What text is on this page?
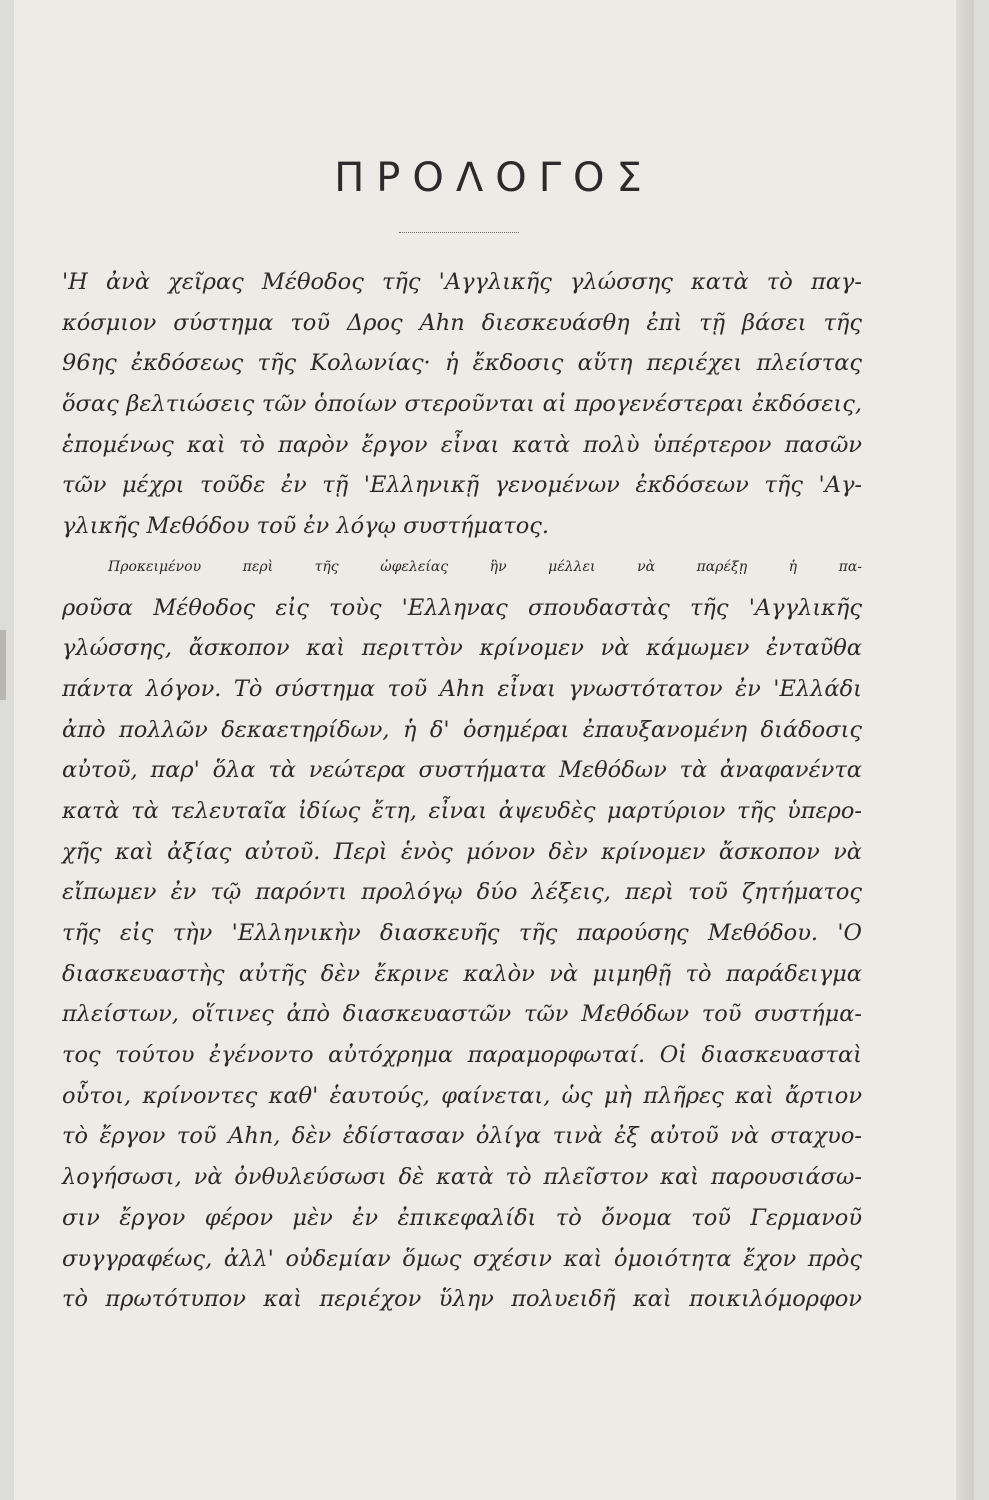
ΠΡΟΛΟΓΟΣ
'Η ἀνὰ χεῖρας Μέθοδος τῆς 'Αγγλικῆς γλώσσης κατὰ τὸ παγ-
κόσμιον σύστημα τοῦ Δρος Ahn διεσκευάσθη ἐπὶ τῇ βάσει τῆς
96ης ἐκδόσεως τῆς Κολωνίας· ἡ ἔκδοσις αὕτη περιέχει πλείστας
ὅσας βελτιώσεις τῶν ὁποίων στεροῦνται αἱ προγενέστεραι ἐκδόσεις,
ἑπομένως καὶ τὸ παρὸν ἔργον εἶναι κατὰ πολὺ ὑπέρτερον πασῶν
τῶν μέχρι τοῦδε ἐν τῇ 'Ελληνικῇ γενομένων ἐκδόσεων τῆς 'Αγ-
γλικῆς Μεθόδου τοῦ ἐν λόγῳ συστήματος.
Προκειμένου περὶ τῆς ὠφελείας ἣν μέλλει νὰ παρέξῃ ἡ πα-
ροῦσα Μέθοδος εἰς τοὺς 'Ελληνας σπουδαστὰς τῆς 'Αγγλικῆς
γλώσσης, ἄσκοπον καὶ περιττὸν κρίνομεν νὰ κάμωμεν ἐνταῦθα
πάντα λόγον. Τὸ σύστημα τοῦ Ahn εἶναι γνωστότατον ἐν 'Ελλάδι
ἀπὸ πολλῶν δεκαετηρίδων, ἡ δ' ὁσημέραι ἐπαυξανομένη διάδοσις
αὐτοῦ, παρ' ὅλα τὰ νεώτερα συστήματα Μεθόδων τὰ ἀναφανέντα
κατὰ τὰ τελευταῖα ἰδίως ἔτη, εἶναι ἀψευδὲς μαρτύριον τῆς ὑπερο-
χῆς καὶ ἀξίας αὐτοῦ. Περὶ ἑνὸς μόνον δὲν κρίνομεν ἄσκοπον νὰ
εἴπωμεν ἐν τῷ παρόντι προλόγῳ δύο λέξεις, περὶ τοῦ ζητήματος
τῆς εἰς τὴν 'Ελληνικὴν διασκευῆς τῆς παρούσης Μεθόδου. 'Ο
διασκευαστὴς αὐτῆς δὲν ἔκρινε καλὸν νὰ μιμηθῇ τὸ παράδειγμα
πλείστων, οἵτινες ἀπὸ διασκευαστῶν τῶν Μεθόδων τοῦ συστήμα-
τος τούτου ἐγένοντο αὐτόχρημα παραμορφωταί. Οἱ διασκευασταὶ
οὗτοι, κρίνοντες καθ' ἑαυτούς, φαίνεται, ὡς μὴ πλῆρες καὶ ἄρτιον
τὸ ἔργον τοῦ Ahn, δὲν ἐδίστασαν ὀλίγα τινὰ ἐξ αὐτοῦ νὰ σταχυο-
λογήσωσι, νὰ ὀνθυλεύσωσι δὲ κατὰ τὸ πλεῖστον καὶ παρουσιάσω-
σιν ἔργον φέρον μὲν ἐν ἐπικεφαλίδι τὸ ὄνομα τοῦ Γερμανοῦ
συγγραφέως, ἀλλ' οὐδεμίαν ὅμως σχέσιν καὶ ὁμοιότητα ἔχον πρὸς
τὸ πρωτότυπον καὶ περιέχον ὕλην πολυειδῆ καὶ ποικιλόμορφον
